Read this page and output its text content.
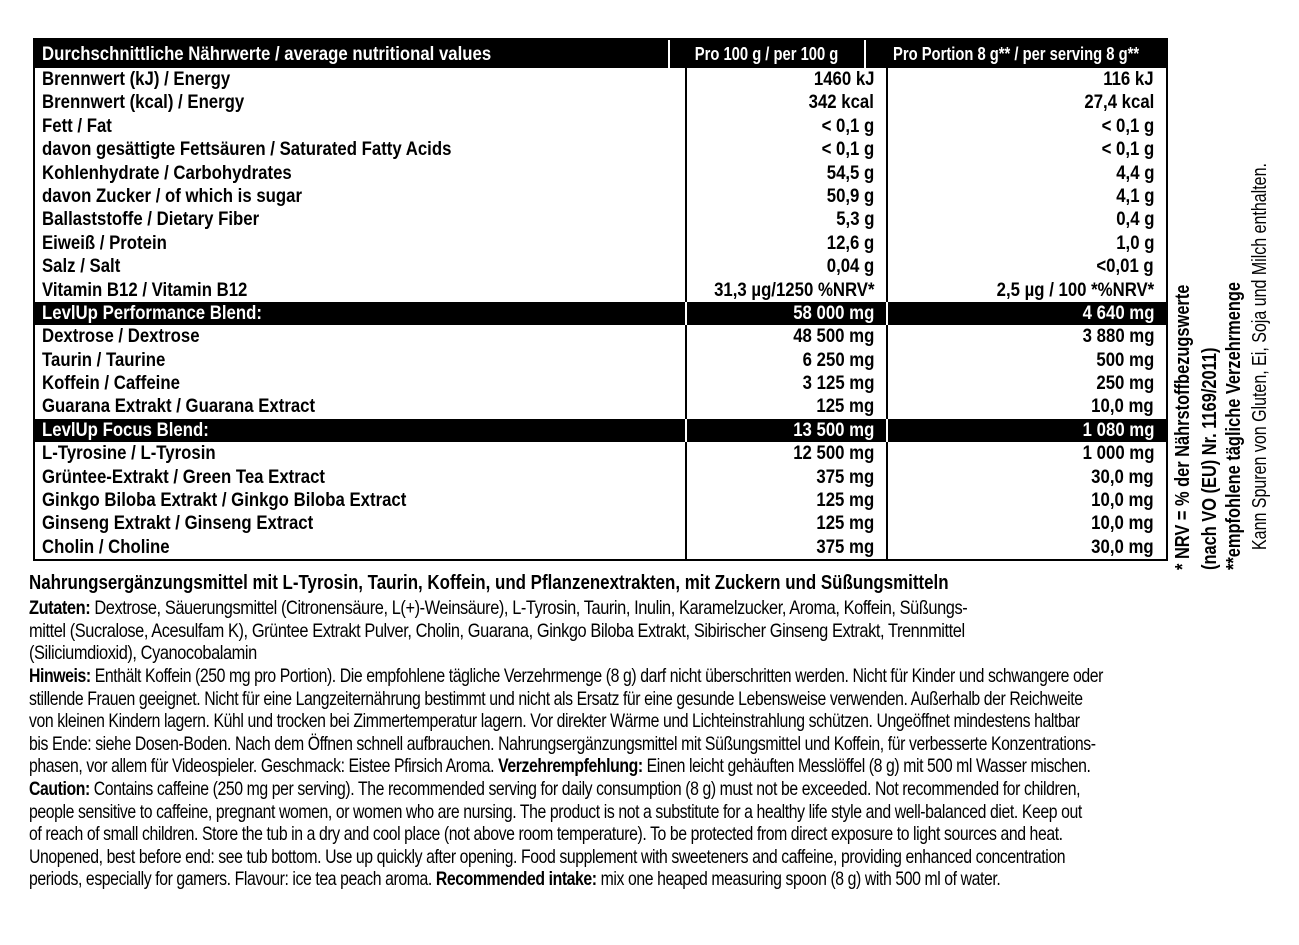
Durchschnittliche Nährwerte / average nutritional values	Pro 100 g / per 100 g	Pro Portion 8 g** / per serving 8 g**
Brennwert (kJ) / Energy	1460 kJ	116 kJ
Brennwert (kcal) / Energy	342 kcal	27,4 kcal
Fett / Fat	< 0,1 g	< 0,1 g
davon gesättigte Fettsäuren / Saturated Fatty Acids	< 0,1 g	< 0,1 g
Kohlenhydrate / Carbohydrates	54,5 g	4,4 g
davon Zucker / of which is sugar	50,9 g	4,1 g
Ballaststoffe / Dietary Fiber	5,3 g	0,4 g
Eiweiß / Protein	12,6 g	1,0 g
Salz / Salt	0,04 g	<0,01 g
Vitamin B12 / Vitamin B12	31,3 µg/1250 %NRV*	2,5 µg / 100 *%NRV*
LevlUp Performance Blend:	58 000 mg	4 640 mg
Dextrose / Dextrose	48 500 mg	3 880 mg
Taurin / Taurine	6 250 mg	500 mg
Koffein / Caffeine	3 125 mg	250 mg
Guarana Extrakt / Guarana Extract	125 mg	10,0 mg
LevlUp Focus Blend:	13 500 mg	1 080 mg
L-Tyrosine / L-Tyrosin	12 500 mg	1 000 mg
Grüntee-Extrakt / Green Tea Extract	375 mg	30,0 mg
Ginkgo Biloba Extrakt / Ginkgo Biloba Extract	125 mg	10,0 mg
Ginseng Extrakt / Ginseng Extract	125 mg	10,0 mg
Cholin / Choline	375 mg	30,0 mg * NRV = % der Nährstoffbezugswerte (nach VO (EU) Nr. 1169/2011) **empfohlene tägliche Verzehrmenge Kann Spuren von Gluten, Ei, Soja und Milch enthalten.
Nahrungsergänzungsmittel mit L-Tyrosin, Taurin, Koffein, und Pflanzenextrakten, mit Zuckern und Süßungsmitteln

Zutaten: Dextrose, Säuerungsmittel (Citronensäure, L(+)-Weinsäure), L-Tyrosin, Taurin, Inulin, Karamelzucker, Aroma, Koffein, Süßungs-

mittel (Sucralose, Acesulfam K), Grüntee Extrakt Pulver, Cholin, Guarana, Ginkgo Biloba Extrakt, Sibirischer Ginseng Extrakt, Trennmittel

(Siliciumdioxid), Cyanocobalamin

Hinweis: Enthält Koffein (250 mg pro Portion). Die empfohlene tägliche Verzehrmenge (8 g) darf nicht überschritten werden. Nicht für Kinder und schwangere oder

stillende Frauen geeignet. Nicht für eine Langzeiternährung bestimmt und nicht als Ersatz für eine gesunde Lebensweise verwenden. Außerhalb der Reichweite

von kleinen Kindern lagern. Kühl und trocken bei Zimmertemperatur lagern. Vor direkter Wärme und Lichteinstrahlung schützen. Ungeöffnet mindestens haltbar

bis Ende: siehe Dosen-Boden. Nach dem Öffnen schnell aufbrauchen. Nahrungsergänzungsmittel mit Süßungsmittel und Koffein, für verbesserte Konzentrations-

phasen, vor allem für Videospieler. Geschmack: Eistee Pfirsich Aroma. Verzehrempfehlung: Einen leicht gehäuften Messlöffel (8 g) mit 500 ml Wasser mischen.

Caution: Contains caffeine (250 mg per serving). The recommended serving for daily consumption (8 g) must not be exceeded. Not recommended for children,

people sensitive to caffeine, pregnant women, or women who are nursing. The product is not a substitute for a healthy life style and well-balanced diet. Keep out

of reach of small children. Store the tub in a dry and cool place (not above room temperature). To be protected from direct exposure to light sources and heat.

Unopened, best before end: see tub bottom. Use up quickly after opening. Food supplement with sweeteners and caffeine, providing enhanced concentration

periods, especially for gamers. Flavour: ice tea peach aroma. Recommended intake: mix one heaped measuring spoon (8 g) with 500 ml of water.
